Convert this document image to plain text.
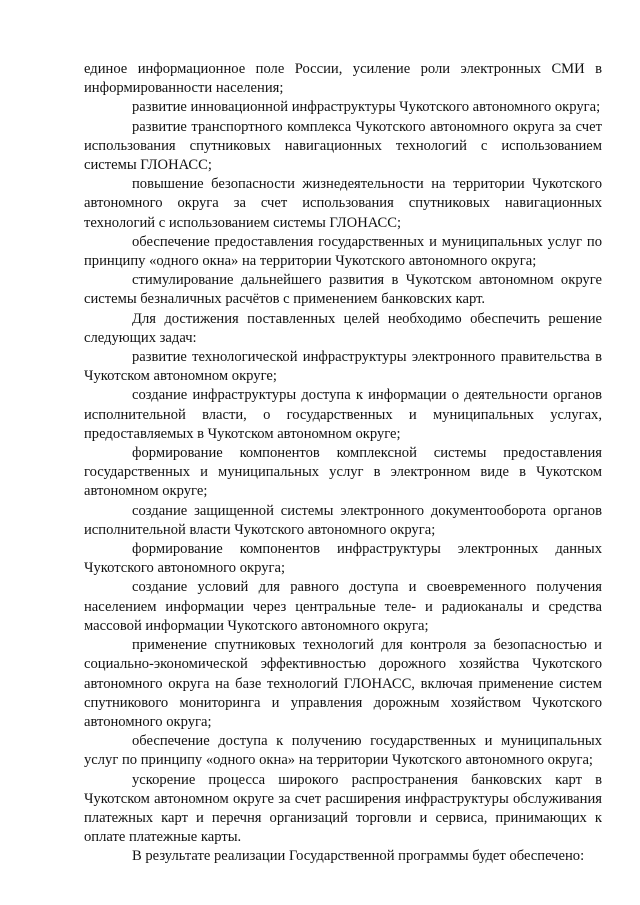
единое информационное поле России, усиление роли электронных СМИ в информированности населения;

развитие инновационной инфраструктуры Чукотского автономного округа;

развитие транспортного комплекса Чукотского автономного округа за счет использования спутниковых навигационных технологий с использованием системы ГЛОНАСС;

повышение безопасности жизнедеятельности на территории Чукотского автономного округа за счет использования спутниковых навигационных технологий с использованием системы ГЛОНАСС;

обеспечение предоставления государственных и муниципальных услуг по принципу «одного окна» на территории Чукотского автономного округа;

стимулирование дальнейшего развития в Чукотском автономном округе системы безналичных расчётов с применением банковских карт.

Для достижения поставленных целей необходимо обеспечить решение следующих задач:

развитие технологической инфраструктуры электронного правительства в Чукотском автономном округе;

создание инфраструктуры доступа к информации о деятельности органов исполнительной власти, о государственных и муниципальных услугах, предоставляемых в Чукотском автономном округе;

формирование компонентов комплексной системы предоставления государственных и муниципальных услуг в электронном виде в Чукотском автономном округе;

создание защищенной системы электронного документооборота органов исполнительной власти Чукотского автономного округа;

формирование компонентов инфраструктуры электронных данных Чукотского автономного округа;

создание условий для равного доступа и своевременного получения населением информации через центральные теле- и радиоканалы и средства массовой информации Чукотского автономного округа;

применение спутниковых технологий для контроля за безопасностью и социально-экономической эффективностью дорожного хозяйства Чукотского автономного округа на базе технологий ГЛОНАСС, включая применение систем спутникового мониторинга и управления дорожным хозяйством Чукотского автономного округа;

обеспечение доступа к получению государственных и муниципальных услуг по принципу «одного окна» на территории Чукотского автономного округа;

ускорение процесса широкого распространения банковских карт в Чукотском автономном округе за счет расширения инфраструктуры обслуживания платежных карт и перечня организаций торговли и сервиса, принимающих к оплате платежные карты.

В результате реализации Государственной программы будет обеспечено:
